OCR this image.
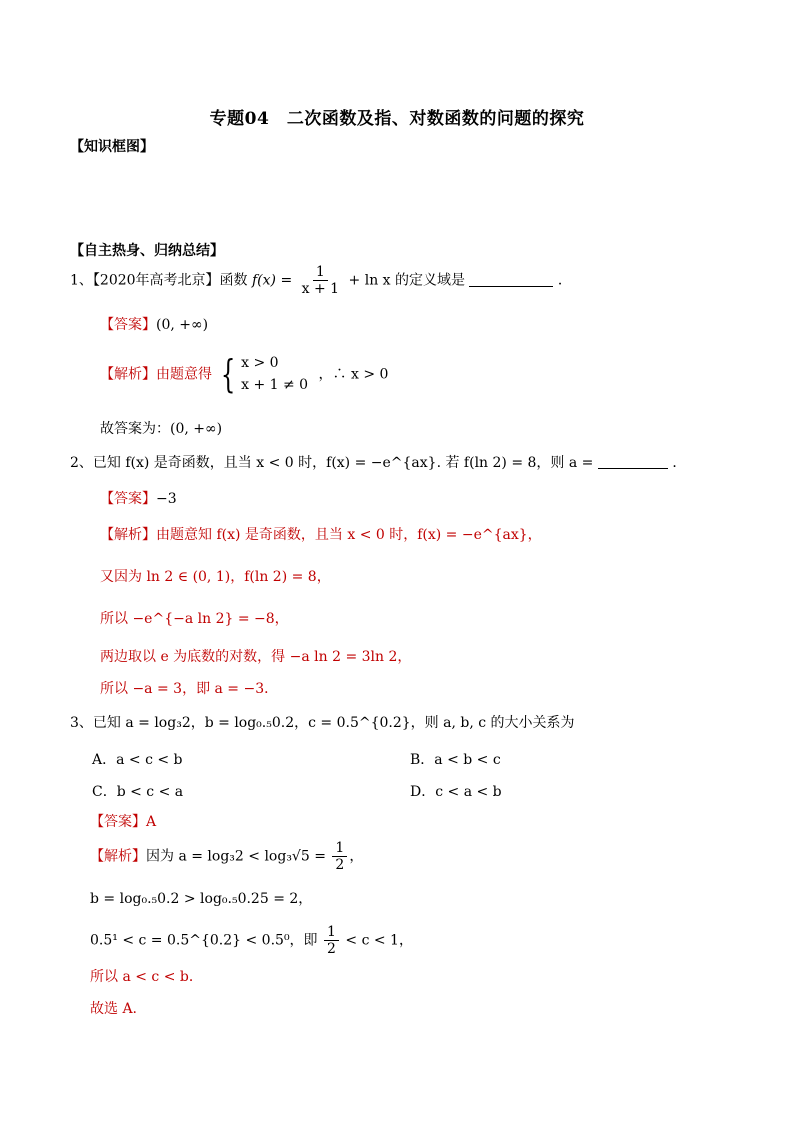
专题04　二次函数及指、对数函数的问题的探究
【知识框图】
【自主热身、归纳总结】
1、【2020年高考北京】函数 $f(x) = \frac{1}{x + 1} + \ln x$ 的定义域是	．
【答案】(0, +∞)
【解析】由题意得 { x > 0
x + 1 ≠ 0
，∴ x > 0
故答案为：(0, +∞)
2、已知 f(x) 是奇函数，且当 x < 0 时，f(x) = −e^{ax}. 若 f(ln 2) = 8，则 a =	．
【答案】−3
【解析】由题意知 f(x) 是奇函数，且当 x < 0 时，f(x) = −e^{ax}，
又因为 ln 2 ∈ (0, 1)，f(ln 2) = 8，
所以 −e^{−a ln 2} = −8，
两边取以 e 为底数的对数，得 −a ln 2 = 3ln 2，
所以 −a = 3，即 a = −3．
3、已知 a = log₃2，b = log₀.₅0.2，c = 0.5^{0.2}，则 a, b, c 的大小关系为
A．a < c < b	B．a < b < c
C．b < c < a	D．c < a < b
【答案】A
【解析】因为 $a = \log_32 < \log_3√5 = \frac{1}{2}$ ，
b = log₀.₅0.2 > log₀.₅0.25 = 2，
0.5¹ < c = 0.5^{0.2} < 0.5⁰，即 $\frac{1}{2} < c < 1$，
所以 a < c < b．
故选 A.
